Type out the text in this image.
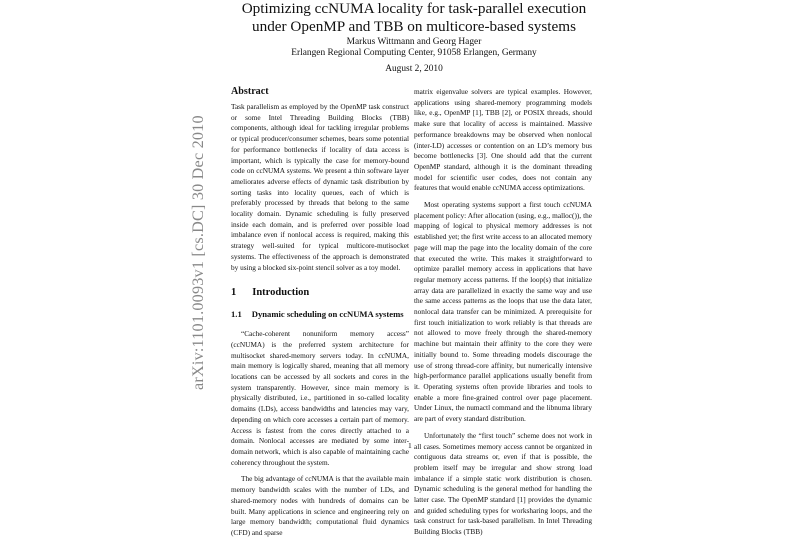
Optimizing ccNUMA locality for task-parallel execution under OpenMP and TBB on multicore-based systems
Markus Wittmann and Georg Hager
Erlangen Regional Computing Center, 91058 Erlangen, Germany
August 2, 2010
arXiv:1101.0093v1 [cs.DC] 30 Dec 2010
Abstract

Task parallelism as employed by the OpenMP task construct or some Intel Threading Building Blocks (TBB) components, although ideal for tackling irregular problems or typical producer/consumer schemes, bears some potential for performance bottlenecks if locality of data access is important, which is typically the case for memory-bound code on ccNUMA systems. We present a thin software layer ameliorates adverse effects of dynamic task distribution by sorting tasks into locality queues, each of which is preferably processed by threads that belong to the same locality domain. Dynamic scheduling is fully preserved inside each domain, and is preferred over possible load imbalance even if nonlocal access is required, making this strategy well-suited for typical multicore-mutisocket systems. The effectiveness of the approach is demonstrated by using a blocked six-point stencil solver as a toy model.

1 Introduction
1.1 Dynamic scheduling on ccNUMA systems

“Cache-coherent nonuniform memory access” (ccNUMA) is the preferred system architecture for multisocket shared-memory servers today. In ccNUMA, main memory is logically shared, meaning that all memory locations can be accessed by all sockets and cores in the system transparently. However, since main memory is physically distributed, i.e., partitioned in so-called locality domains (LDs), access bandwidths and latencies may vary, depending on which core accesses a certain part of memory. Access is fastest from the cores directly attached to a domain. Nonlocal accesses are mediated by some inter-domain network, which is also capable of maintaining cache coherency throughout the system.

The big advantage of ccNUMA is that the available main memory bandwidth scales with the number of LDs, and shared-memory nodes with hundreds of domains can be built. Many applications in science and engineering rely on large memory bandwidth; computational fluid dynamics (CFD) and sparse

matrix eigenvalue solvers are typical examples. However, applications using shared-memory programming models like, e.g., OpenMP [1], TBB [2], or POSIX threads, should make sure that locality of access is maintained. Massive performance breakdowns may be observed when nonlocal (inter-LD) accesses or contention on an LD’s memory bus become bottlenecks [3]. One should add that the current OpenMP standard, although it is the dominant threading model for scientific user codes, does not contain any features that would enable ccNUMA access optimizations.

Most operating systems support a first touch ccNUMA placement policy: After allocation (using, e.g., malloc()), the mapping of logical to physical memory addresses is not established yet; the first write access to an allocated memory page will map the page into the locality domain of the core that executed the write. This makes it straightforward to optimize parallel memory access in applications that have regular memory access patterns. If the loop(s) that initialize array data are parallelized in exactly the same way and use the same access patterns as the loops that use the data later, nonlocal data transfer can be minimized. A prerequisite for first touch initialization to work reliably is that threads are not allowed to move freely through the shared-memory machine but maintain their affinity to the core they were initially bound to. Some threading models discourage the use of strong thread-core affinity, but numerically intensive high-performance parallel applications usually benefit from it. Operating systems often provide libraries and tools to enable a more fine-grained control over page placement. Under Linux, the numactl command and the libnuma library are part of every standard distribution.

Unfortunately the “first touch” scheme does not work in all cases. Sometimes memory access cannot be organized in contiguous data streams or, even if that is possible, the problem itself may be irregular and show strong load imbalance if a simple static work distribution is chosen. Dynamic scheduling is the general method for handling the latter case. The OpenMP standard [1] provides the dynamic and guided scheduling types for worksharing loops, and the task construct for task-based parallelism. In Intel Threading Building Blocks (TBB)

1
